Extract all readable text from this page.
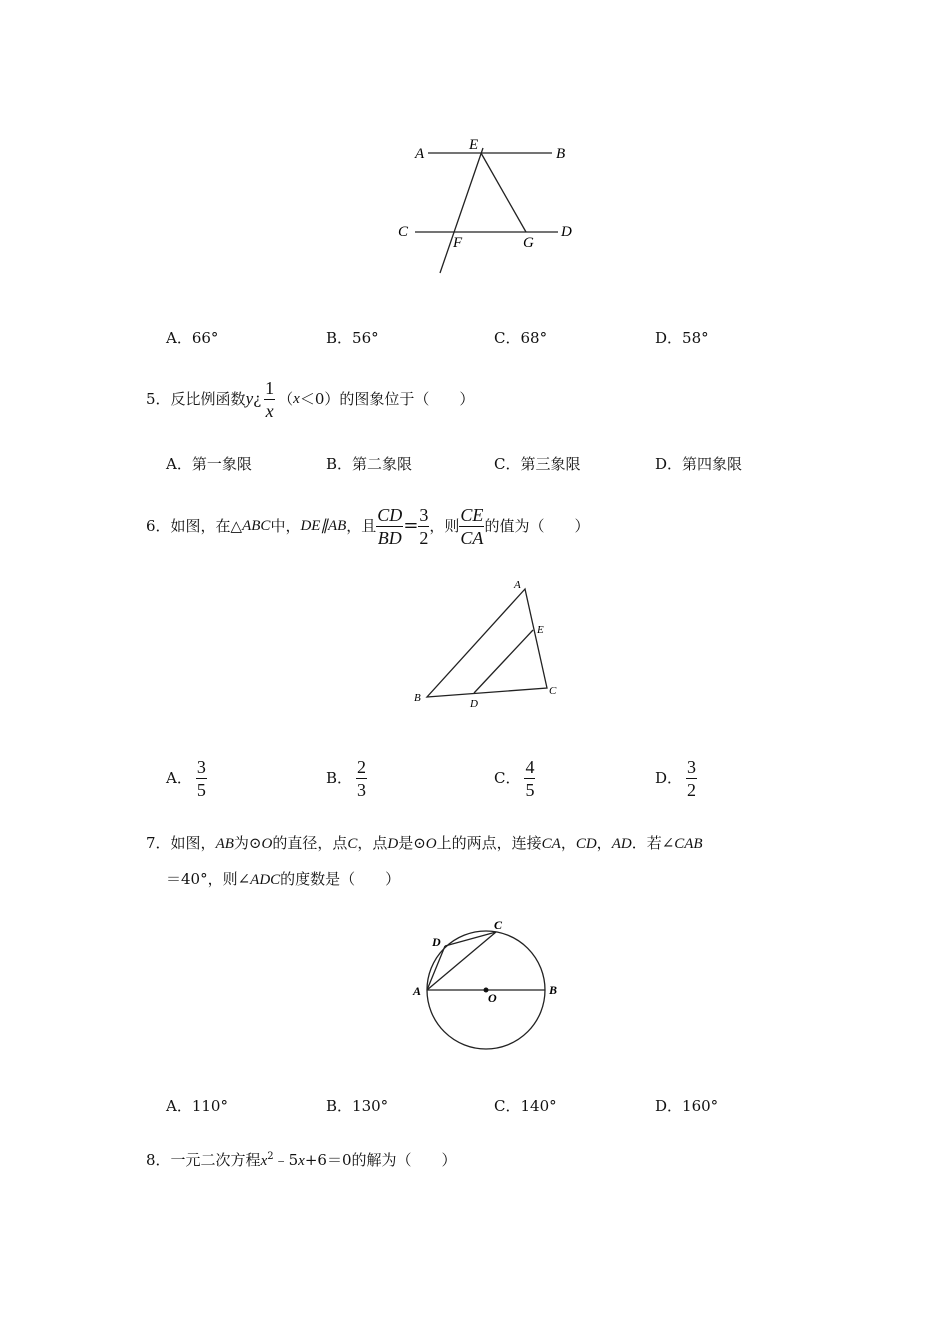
A
E
B
C
F	G
D
A．66°	B．56°	C．68°	D．58°
5． 反比例函数 y ¿ $\frac{1}{x}$ （ x ＜0）的图象位于（　　）
A．第一象限	B．第二象限	C．第三象限	D．第四象限
6． 如图，在△ ABC 中， DE∥AB ，且 $\frac{CD}{BD} = \frac{3}{2}$ ，则 $\frac{CE}{CA}$ 的值为（　　）
A
E
B	D
C
A． $\frac{3}{5}$	B． $\frac{2}{3}$	C． $\frac{4}{5}$	D． $\frac{3}{2}$
7．如图，AB为⊙O的直径，点C，点D是⊙O上的两点，连接CA，CD，AD．若∠CAB
＝40°，则∠ADC的度数是（　　）
C
D
A	O
B
A．110°	B．130°	C．140°	D．160°
8．一元二次方程$x^2﹣5x+6=0$的解为（　　）
